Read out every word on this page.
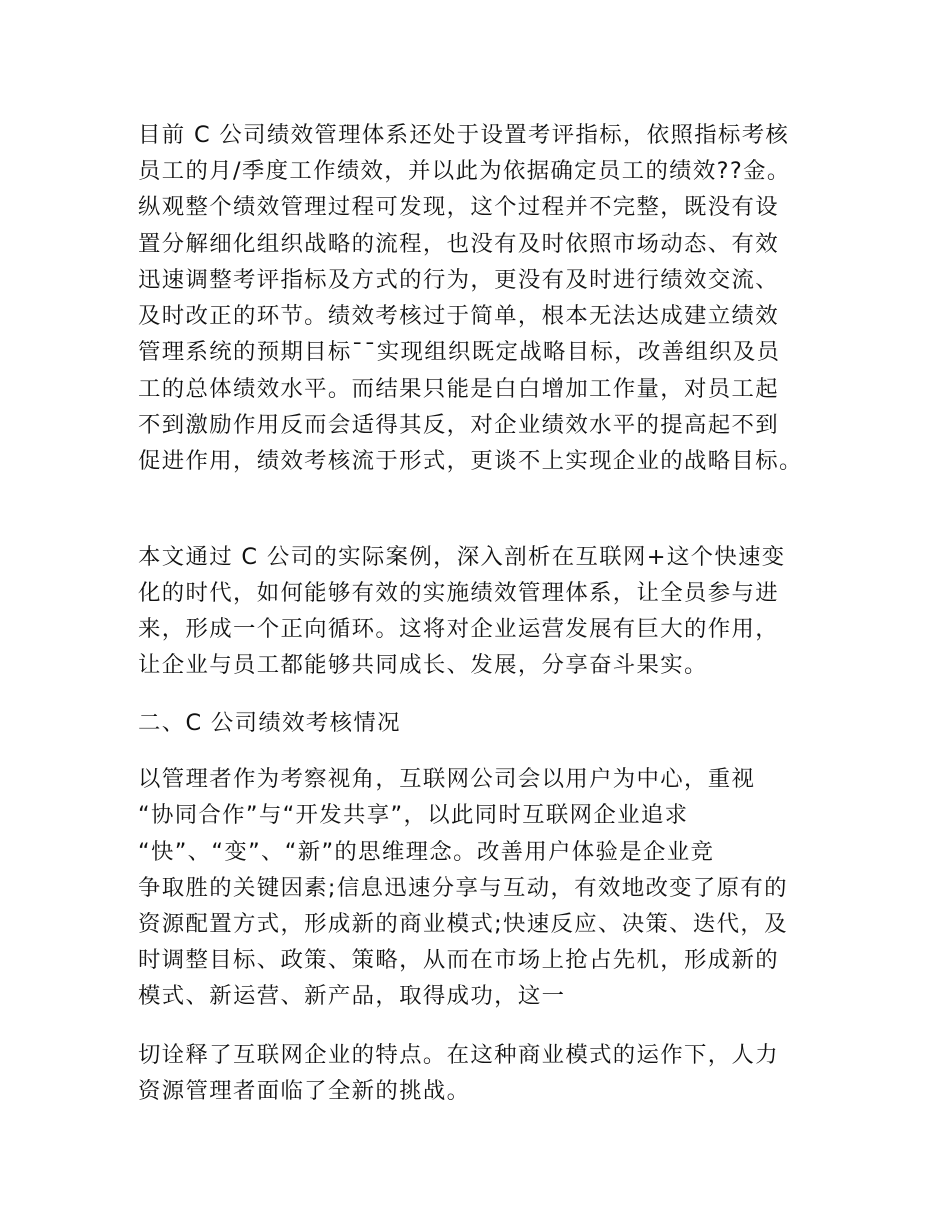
目前 C 公司绩效管理体系还处于设置考评指标，依照指标考核
员工的月/季度工作绩效，并以此为依据确定员工的绩效??金。
纵观整个绩效管理过程可发现，这个过程并不完整，既没有设
置分解细化组织战略的流程，也没有及时依照市场动态、有效
迅速调整考评指标及方式的行为，更没有及时进行绩效交流、
及时改正的环节。绩效考核过于简单，根本无法达成建立绩效
管理系统的预期目标¯¯实现组织既定战略目标，改善组织及员
工的总体绩效水平。而结果只能是白白增加工作量，对员工起
不到激励作用反而会适得其反，对企业绩效水平的提高起不到
促进作用，绩效考核流于形式，更谈不上实现企业的战略目标。
本文通过 C 公司的实际案例，深入剖析在互联网+这个快速变
化的时代，如何能够有效的实施绩效管理体系，让全员参与进
来，形成一个正向循环。这将对企业运营发展有巨大的作用，
让企业与员工都能够共同成长、发展，分享奋斗果实。
二、C 公司绩效考核情况
以管理者作为考察视角，互联网公司会以用户为中心，重视
“协同合作”与“开发共享”，以此同时互联网企业追求
“快”、“变”、“新”的思维理念。改善用户体验是企业竞
争取胜的关键因素;信息迅速分享与互动，有效地改变了原有的
资源配置方式，形成新的商业模式;快速反应、决策、迭代，及
时调整目标、政策、策略，从而在市场上抢占先机，形成新的
模式、新运营、新产品，取得成功，这一
切诠释了互联网企业的特点。在这种商业模式的运作下，人力
资源管理者面临了全新的挑战。
